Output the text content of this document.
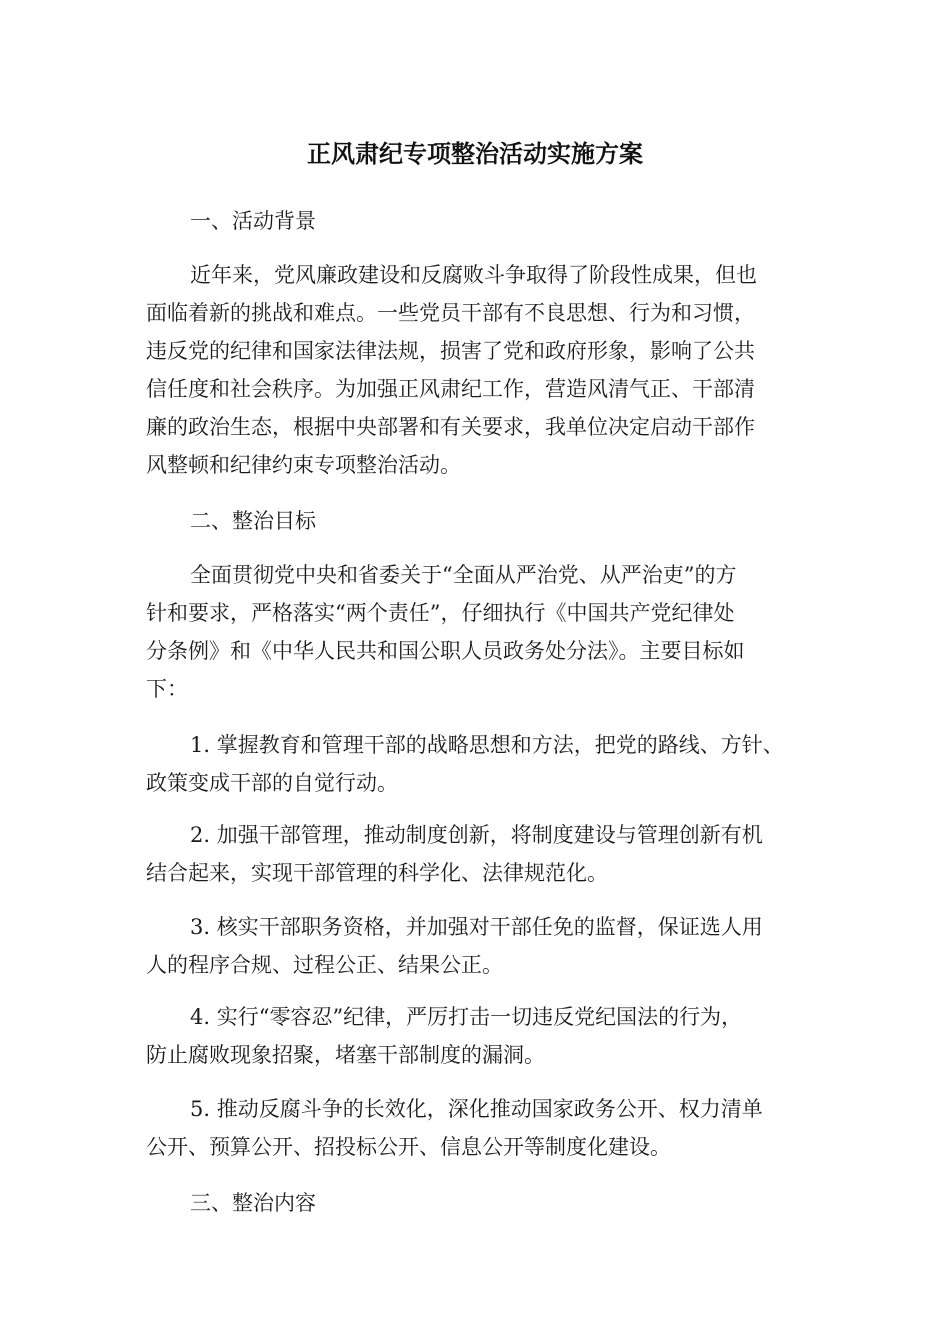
正风肃纪专项整治活动实施方案
一、活动背景
近年来，党风廉政建设和反腐败斗争取得了阶段性成果，但也
面临着新的挑战和难点。一些党员干部有不良思想、行为和习惯，
违反党的纪律和国家法律法规，损害了党和政府形象，影响了公共
信任度和社会秩序。为加强正风肃纪工作，营造风清气正、干部清
廉的政治生态，根据中央部署和有关要求，我单位决定启动干部作
风整顿和纪律约束专项整治活动。
二、整治目标
全面贯彻党中央和省委关于“全面从严治党、从严治吏”的方
针和要求，严格落实“两个责任”，仔细执行《中国共产党纪律处
分条例》和《中华人民共和国公职人员政务处分法》。主要目标如
下：
1. 掌握教育和管理干部的战略思想和方法，把党的路线、方针、
政策变成干部的自觉行动。
2. 加强干部管理，推动制度创新，将制度建设与管理创新有机
结合起来，实现干部管理的科学化、法律规范化。
3. 核实干部职务资格，并加强对干部任免的监督，保证选人用
人的程序合规、过程公正、结果公正。
4. 实行“零容忍”纪律，严厉打击一切违反党纪国法的行为，
防止腐败现象招聚，堵塞干部制度的漏洞。
5. 推动反腐斗争的长效化，深化推动国家政务公开、权力清单
公开、预算公开、招投标公开、信息公开等制度化建设。
三、整治内容
